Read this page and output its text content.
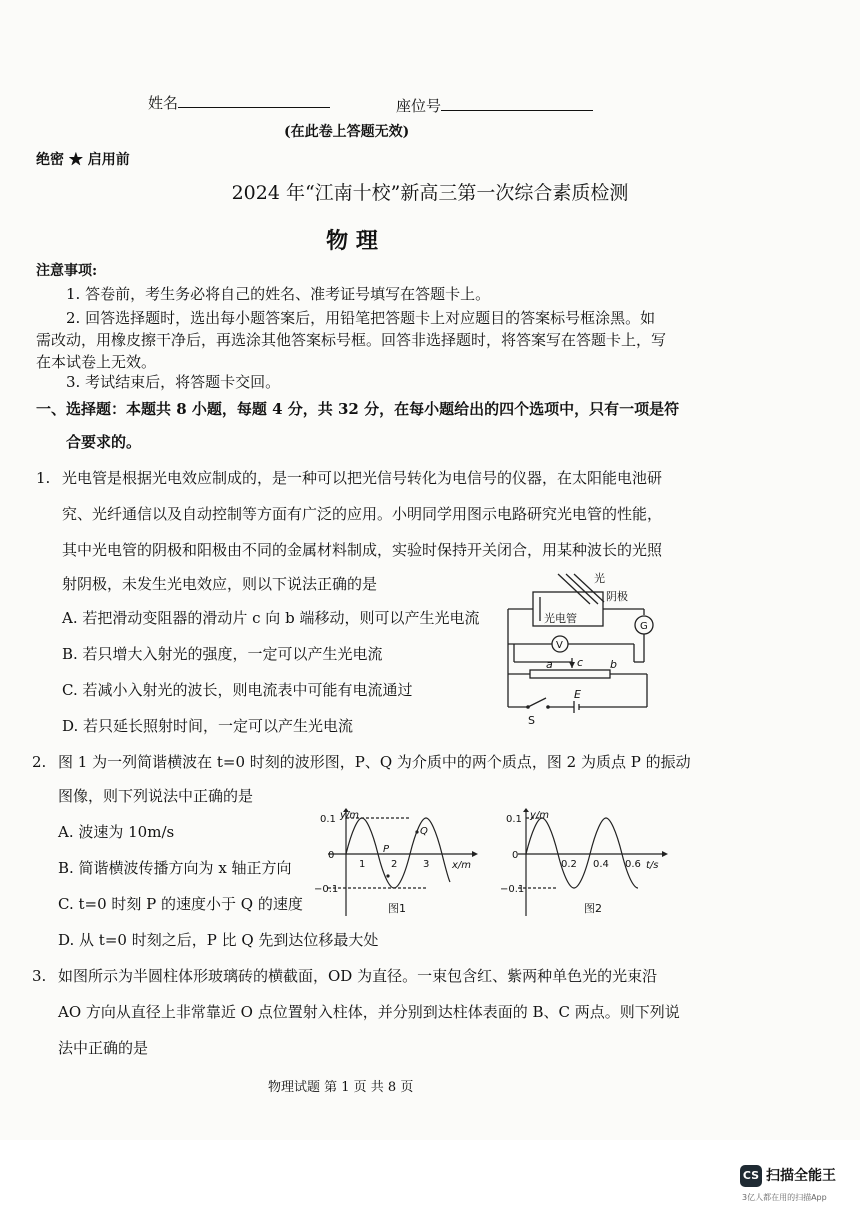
姓名	座位号
(在此卷上答题无效)
绝密 ★ 启用前
2024 年“江南十校”新高三第一次综合素质检测
物 理
注意事项:
1. 答卷前，考生务必将自己的姓名、准考证号填写在答题卡上。
2. 回答选择题时，选出每小题答案后，用铅笔把答题卡上对应题目的答案标号框涂黑。如
需改动，用橡皮擦干净后，再选涂其他答案标号框。回答非选择题时，将答案写在答题卡上，写
在本试卷上无效。
3. 考试结束后，将答题卡交回。
一、选择题：本题共 8 小题，每题 4 分，共 32 分，在每小题给出的四个选项中，只有一项是符
合要求的。
1. 光电管是根据光电效应制成的，是一种可以把光信号转化为电信号的仪器，在太阳能电池研
究、光纤通信以及自动控制等方面有广泛的应用。小明同学用图示电路研究光电管的性能，
其中光电管的阴极和阳极由不同的金属材料制成，实验时保持开关闭合，用某种波长的光照
射阴极，未发生光电效应，则以下说法正确的是
A. 若把滑动变阻器的滑动片 c 向 b 端移动，则可以产生光电流
B. 若只增大入射光的强度，一定可以产生光电流
C. 若减小入射光的波长，则电流表中可能有电流通过
D. 若只延长照射时间，一定可以产生光电流
光
阴极
光电管
V
G
a c b
E
S
2. 图 1 为一列简谐横波在 t=0 时刻的波形图，P、Q 为介质中的两个质点，图 2 为质点 P 的振动
图像，则下列说法中正确的是
A. 波速为 10m/s
B. 简谐横波传播方向为 x 轴正方向
C. t=0 时刻 P 的速度小于 Q 的速度
D. 从 t=0 时刻之后，P 比 Q 先到达位移最大处
y/m
x/m
0.1
0
−0.1
1	2	3
P
Q
图1
y/m
t/s
0.1
0
−0.1
0.2 0.4 0.6
图2
3. 如图所示为半圆柱体形玻璃砖的横截面，OD 为直径。一束包含红、紫两种单色光的光束沿
AO 方向从直径上非常靠近 O 点位置射入柱体，并分别到达柱体表面的 B、C 两点。则下列说
法中正确的是
物理试题 第 1 页 共 8 页
CS 扫描全能王
3亿人都在用的扫描App
